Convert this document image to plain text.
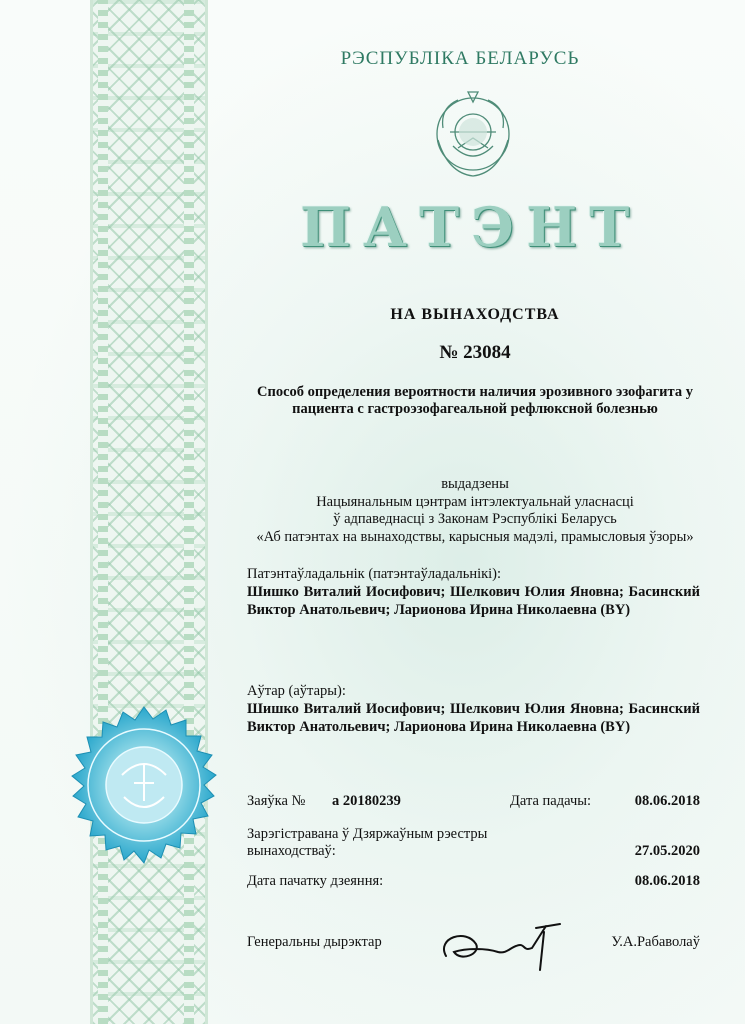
РЭСПУБЛIКА БЕЛАРУСЬ
ПАТЭНТ
НА ВЫНАХОДСТВА
№ 23084
Способ определения вероятности наличия эрозивного эзофагита у
пациента с гастроэзофагеальной рефлюксной болезнью
выдадзены
Нацыянальным цэнтрам інтэлектуальнай уласнасці
ў адпаведнасці з Законам Рэспублікі Беларусь
«Аб патэнтах на вынаходствы, карысныя мадэлі, прамысловыя ўзоры»
Патэнтаўладальнік (патэнтаўладальнікі):
Шишко Виталий Иосифович; Шелкович Юлия Яновна; Басинский Виктор Анатольевич; Ларионова Ирина Николаевна (BY)
Аўтар (аўтары):
Шишко Виталий Иосифович; Шелкович Юлия Яновна; Басинский Виктор Анатольевич; Ларионова Ирина Николаевна (BY)
Заяўка № а 20180239	Дата падачы:	08.06.2018
Зарэгістравана ў Дзяржаўным рэестры
вынаходстваў:	27.05.2020
Дата пачатку дзеяння:	08.06.2018
Генеральны дырэктар	У.А.Рабаволаў
